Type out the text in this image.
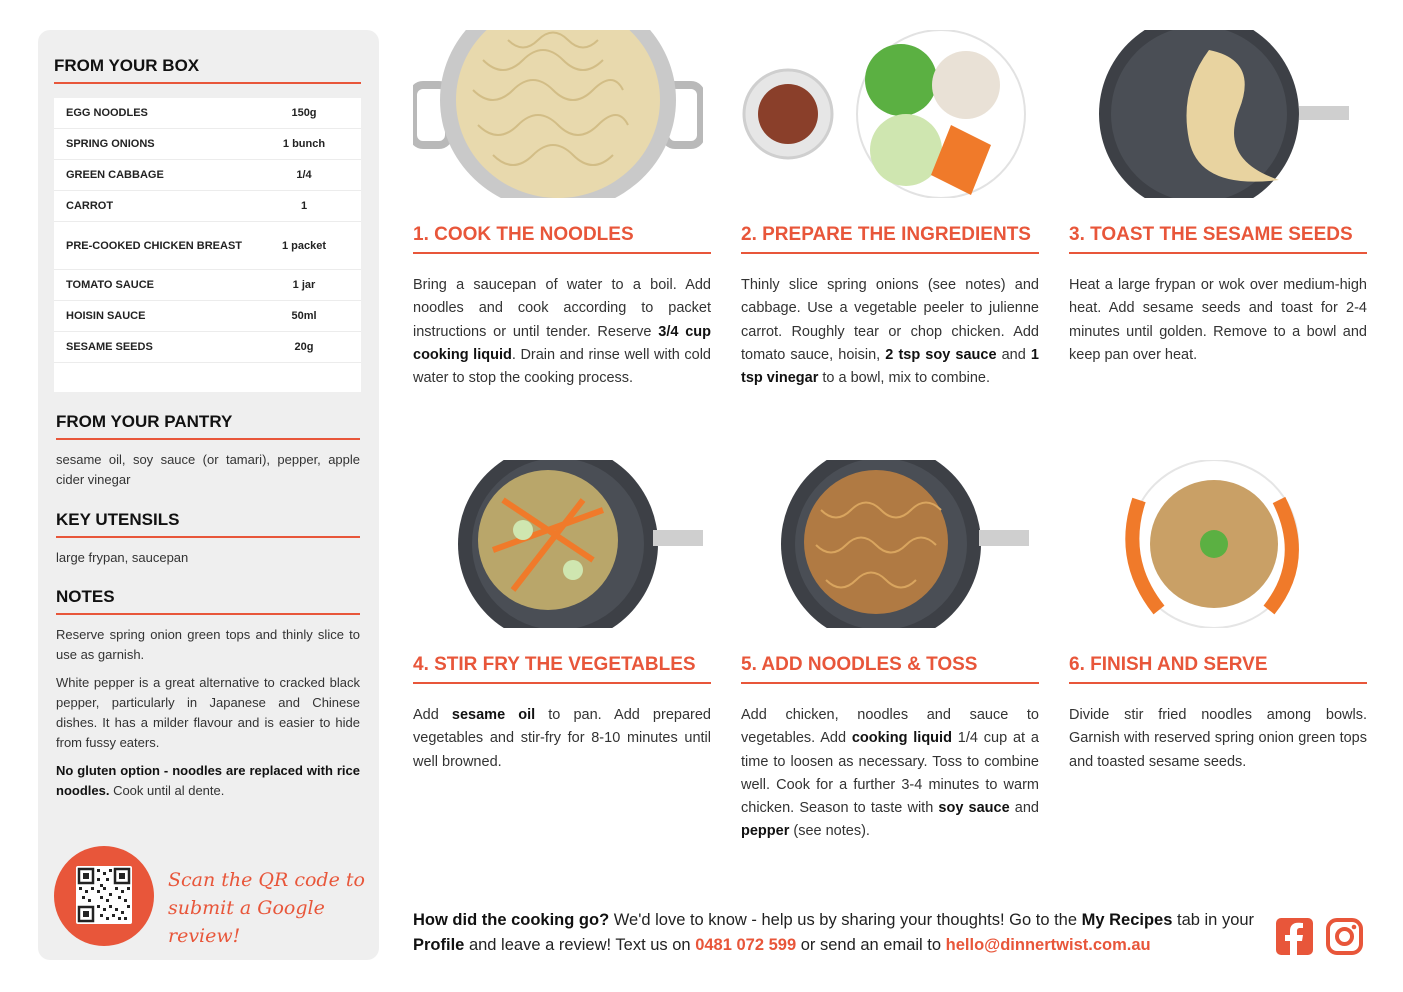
FROM YOUR BOX
EGG NOODLES	150g
SPRING ONIONS	1 bunch
GREEN CABBAGE	1/4
CARROT	1
PRE-COOKED CHICKEN BREAST	1 packet
TOMATO SAUCE	1 jar
HOISIN SAUCE	50ml
SESAME SEEDS	20g
FROM YOUR PANTRY
sesame oil, soy sauce (or tamari), pepper, apple cider vinegar
KEY UTENSILS
large frypan, saucepan
NOTES
Reserve spring onion green tops and thinly slice to use as garnish.
White pepper is a great alternative to cracked black pepper, particularly in Japanese and Chinese dishes. It has a milder flavour and is easier to hide from fussy eaters.
No gluten option - noodles are replaced with rice noodles. Cook until al dente.
Scan the QR code to
submit a Google review!
1. COOK THE NOODLES
Bring a saucepan of water to a boil. Add noodles and cook according to packet instructions or until tender. Reserve 3/4 cup cooking liquid. Drain and rinse well with cold water to stop the cooking process.
2. PREPARE THE INGREDIENTS
Thinly slice spring onions (see notes) and cabbage. Use a vegetable peeler to julienne carrot. Roughly tear or chop chicken. Add tomato sauce, hoisin, 2 tsp soy sauce and 1 tsp vinegar to a bowl, mix to combine.
3. TOAST THE SESAME SEEDS
Heat a large frypan or wok over medium-high heat. Add sesame seeds and toast for 2-4 minutes until golden. Remove to a bowl and keep pan over heat.
4. STIR FRY THE VEGETABLES
Add sesame oil to pan. Add prepared vegetables and stir-fry for 8-10 minutes until well browned.
5. ADD NOODLES & TOSS
Add chicken, noodles and sauce to vegetables. Add cooking liquid 1/4 cup at a time to loosen as necessary. Toss to combine well. Cook for a further 3-4 minutes to warm chicken. Season to taste with soy sauce and pepper (see notes).
6. FINISH AND SERVE
Divide stir fried noodles among bowls. Garnish with reserved spring onion green tops and toasted sesame seeds.
How did the cooking go? We'd love to know - help us by sharing your thoughts! Go to the My Recipes tab in your Profile and leave a review! Text us on 0481 072 599 or send an email to hello@dinnertwist.com.au
